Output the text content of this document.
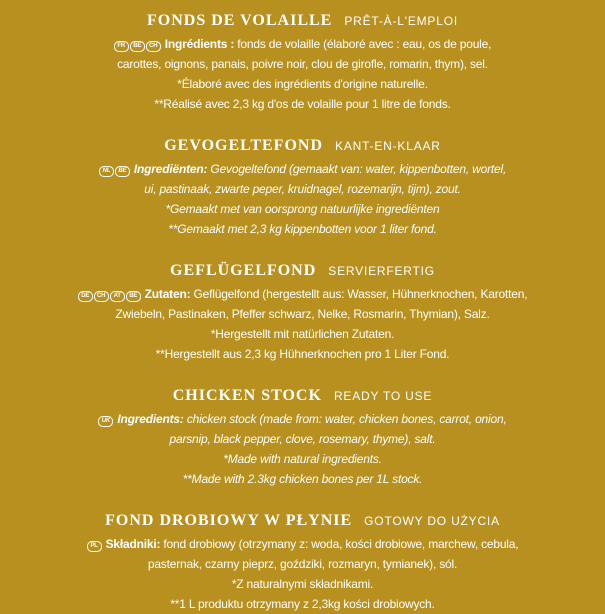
FONDS DE VOLAILLE PRÊT-À-L'EMPLOI
FR BE CH Ingrédients : fonds de volaille (élaboré avec : eau, os de poule,
carottes, oignons, panais, poivre noir, clou de girofle, romarin, thym), sel.
*Élaboré avec des ingrédients d'origine naturelle.
**Réalisé avec 2,3 kg d'os de volaille pour 1 litre de fonds.
GEVOGELTEFOND KANT-EN-KLAAR
NL BE Ingrediënten: Gevogeltefond (gemaakt van: water, kippenbotten, wortel,
ui, pastinaak, zwarte peper, kruidnagel, rozemarijn, tijm), zout.
*Gemaakt met van oorsprong natuurlijke ingrediënten
**Gemaakt met 2,3 kg kippenbotten voor 1 liter fond.
GEFLÜGELFOND SERVIERFERTIG
DE CH AT BE Zutaten: Geflügelfond (hergestellt aus: Wasser, Hühnerknochen, Karotten,
Zwiebeln, Pastinaken, Pfeffer schwarz, Nelke, Rosmarin, Thymian), Salz.
*Hergestellt mit natürlichen Zutaten.
**Hergestellt aus 2,3 kg Hühnerknochen pro 1 Liter Fond.
CHICKEN STOCK READY TO USE
UK Ingredients: chicken stock (made from: water, chicken bones, carrot, onion,
parsnip, black pepper, clove, rosemary, thyme), salt.
*Made with natural ingredients.
**Made with 2.3kg chicken bones per 1L stock.
FOND DROBIOWY W PŁYNIE GOTOWY DO UŻYCIA
PL Składniki: fond drobiowy (otrzymany z: woda, kości drobiowe, marchew, cebula,
pasternak, czarny pieprz, goździki, rozmaryn, tymianek), sól.
*Z naturalnymi składnikami.
**1 L produktu otrzymany z 2,3kg kości drobiowych.
